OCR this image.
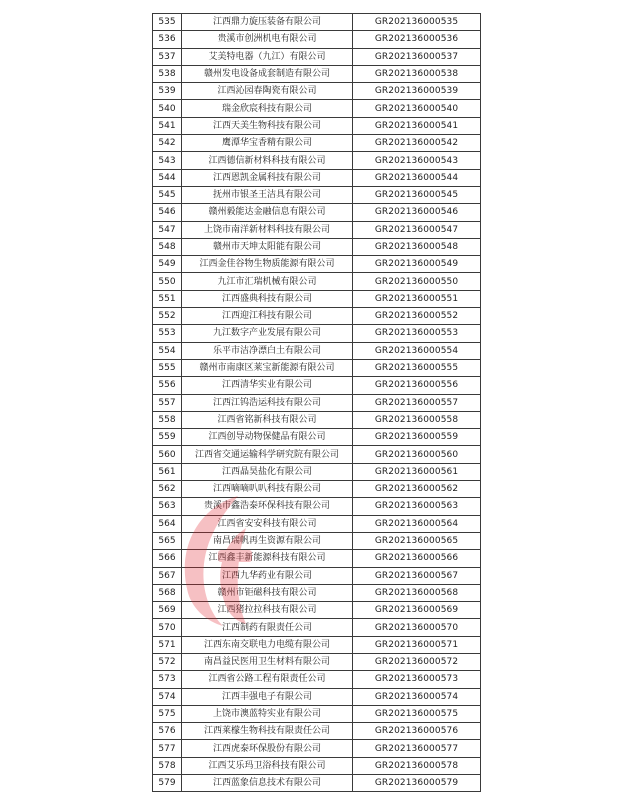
535	江西鼎力旋压装备有限公司	GR202136000535
536	贵溪市创洲机电有限公司	GR202136000536
537	艾美特电器（九江）有限公司	GR202136000537
538	赣州发电设备成套制造有限公司	GR202136000538
539	江西沁园春陶瓷有限公司	GR202136000539
540	瑞金欣宸科技有限公司	GR202136000540
541	江西天美生物科技有限公司	GR202136000541
542	鹰潭华宝香精有限公司	GR202136000542
543	江西德信新材料科技有限公司	GR202136000543
544	江西恩凯金属科技有限公司	GR202136000544
545	抚州市银圣王洁具有限公司	GR202136000545
546	赣州毅能达金融信息有限公司	GR202136000546
547	上饶市南洋新材料科技有限公司	GR202136000547
548	赣州市天坤太阳能有限公司	GR202136000548
549	江西金佳谷物生物质能源有限公司	GR202136000549
550	九江市汇瑞机械有限公司	GR202136000550
551	江西盛典科技有限公司	GR202136000551
552	江西迎江科技有限公司	GR202136000552
553	九江数字产业发展有限公司	GR202136000553
554	乐平市洁净漂白土有限公司	GR202136000554
555	赣州市南康区莱宝新能源有限公司	GR202136000555
556	江西清华实业有限公司	GR202136000556
557	江西江钨浩运科技有限公司	GR202136000557
558	江西省铭新科技有限公司	GR202136000558
559	江西创导动物保健品有限公司	GR202136000559
560	江西省交通运输科学研究院有限公司	GR202136000560
561	江西晶昊盐化有限公司	GR202136000561
562	江西嘀嘀叭叭科技有限公司	GR202136000562
563	贵溪市鑫浩泰环保科技有限公司	GR202136000563
564	江西省安安科技有限公司	GR202136000564
565	南昌瑞帆再生资源有限公司	GR202136000565
566	江西鑫丰新能源科技有限公司	GR202136000566
567	江西九华药业有限公司	GR202136000567
568	赣州市钜磁科技有限公司	GR202136000568
569	江西猪拉拉科技有限公司	GR202136000569
570	江西制药有限责任公司	GR202136000570
571	江西东南交联电力电缆有限公司	GR202136000571
572	南昌益民医用卫生材料有限公司	GR202136000572
573	江西省公路工程有限责任公司	GR202136000573
574	江西丰强电子有限公司	GR202136000574
575	上饶市澳蓝特实业有限公司	GR202136000575
576	江西莱檬生物科技有限责任公司	GR202136000576
577	江西虎泰环保股份有限公司	GR202136000577
578	江西艾乐玛卫浴科技有限公司	GR202136000578
579	江西蓝象信息技术有限公司	GR202136000579
